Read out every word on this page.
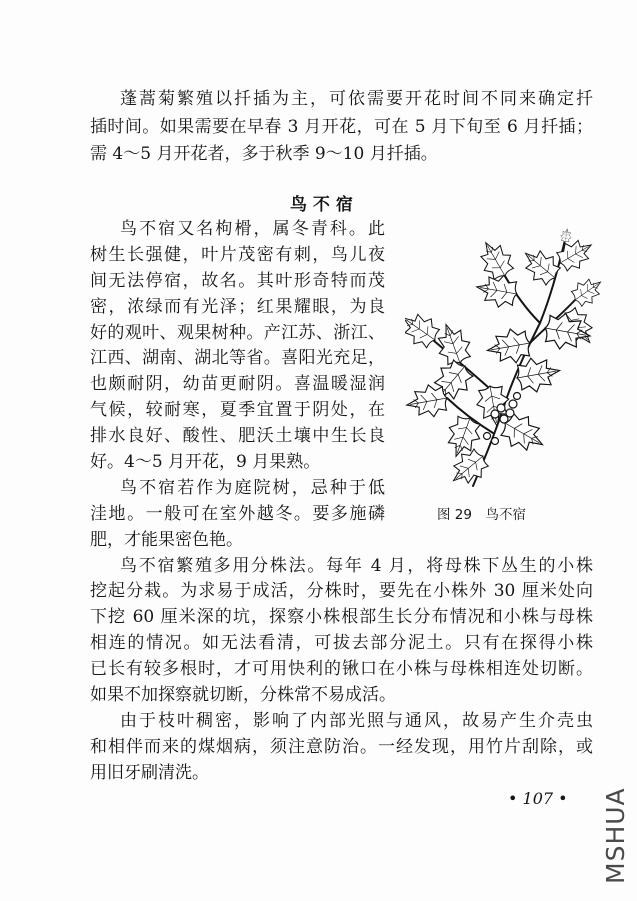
蓬蒿菊繁殖以扦插为主，可依需要开花时间不同来确定扦
插时间。如果需要在早春 3 月开花，可在 5 月下旬至 6 月扦插；
需 4～5 月开花者，多于秋季 9～10 月扦插。
鸟 不 宿
鸟不宿又名枸榾，属冬青科。此
树生长强健，叶片茂密有刺，鸟儿夜
间无法停宿，故名。其叶形奇特而茂
密，浓绿而有光泽；红果耀眼，为良
好的观叶、观果树种。产江苏、浙江、
江西、湖南、湖北等省。喜阳光充足，
也颇耐阴，幼苗更耐阴。喜温暖湿润
气候，较耐寒，夏季宜置于阴处，在
排水良好、酸性、肥沃土壤中生长良
好。4～5 月开花，9 月果熟。
鸟不宿若作为庭院树，忌种于低
洼地。一般可在室外越冬。要多施磷
肥，才能果密色艳。
鸟不宿繁殖多用分株法。每年 4 月，将母株下丛生的小株
挖起分栽。为求易于成活，分株时，要先在小株外 30 厘米处向
下挖 60 厘米深的坑，探察小株根部生长分布情况和小株与母株
相连的情况。如无法看清，可拔去部分泥土。只有在探得小株
已长有较多根时，才可用快利的锹口在小株与母株相连处切断。
如果不加探察就切断，分株常不易成活。
由于枝叶稠密，影响了内部光照与通风，故易产生介壳虫
和相伴而来的煤烟病，须注意防治。一经发现，用竹片刮除，或
用旧牙刷清洗。
图 29　鸟不宿
• 107 • MSHUA
